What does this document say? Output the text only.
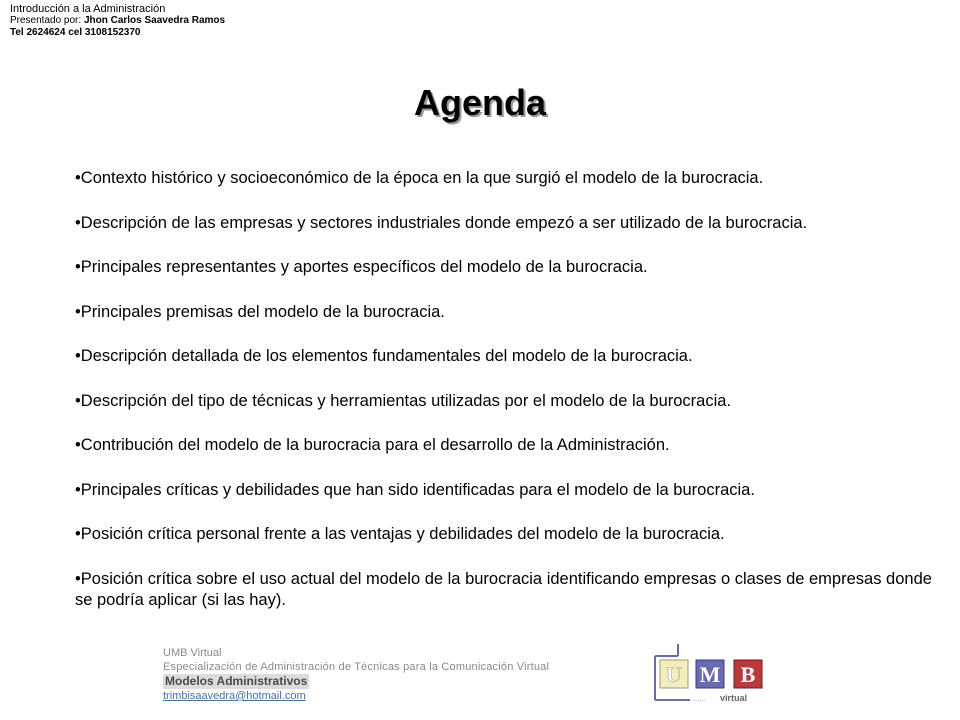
Introducción a la Administración
Presentado por: Jhon Carlos Saavedra Ramos
Tel 2624624 cel 3108152370
Agenda
•Contexto histórico y socioeconómico de la época en la que surgió el modelo de la burocracia.
•Descripción de las empresas y sectores industriales donde empezó a ser utilizado de la burocracia.
•Principales representantes y aportes específicos del modelo de la burocracia.
•Principales premisas del modelo de la burocracia.
•Descripción detallada de los elementos fundamentales del modelo de la burocracia.
•Descripción del tipo de técnicas y herramientas utilizadas por el modelo de la burocracia.
•Contribución del modelo de la burocracia para el desarrollo de la Administración.
•Principales críticas y debilidades que han sido identificadas para el modelo de la burocracia.
•Posición crítica personal frente a las ventajas y debilidades del modelo de la burocracia.
•Posición crítica sobre el uso actual del modelo de la burocracia identificando empresas o clases de empresas donde se podría aplicar (si las hay).
UMB Virtual
Especialización de Administración de Técnicas para la Comunicación Virtual
Modelos Administrativos
trimbisaavedra@hotmail.com
U M B
....... virtual
